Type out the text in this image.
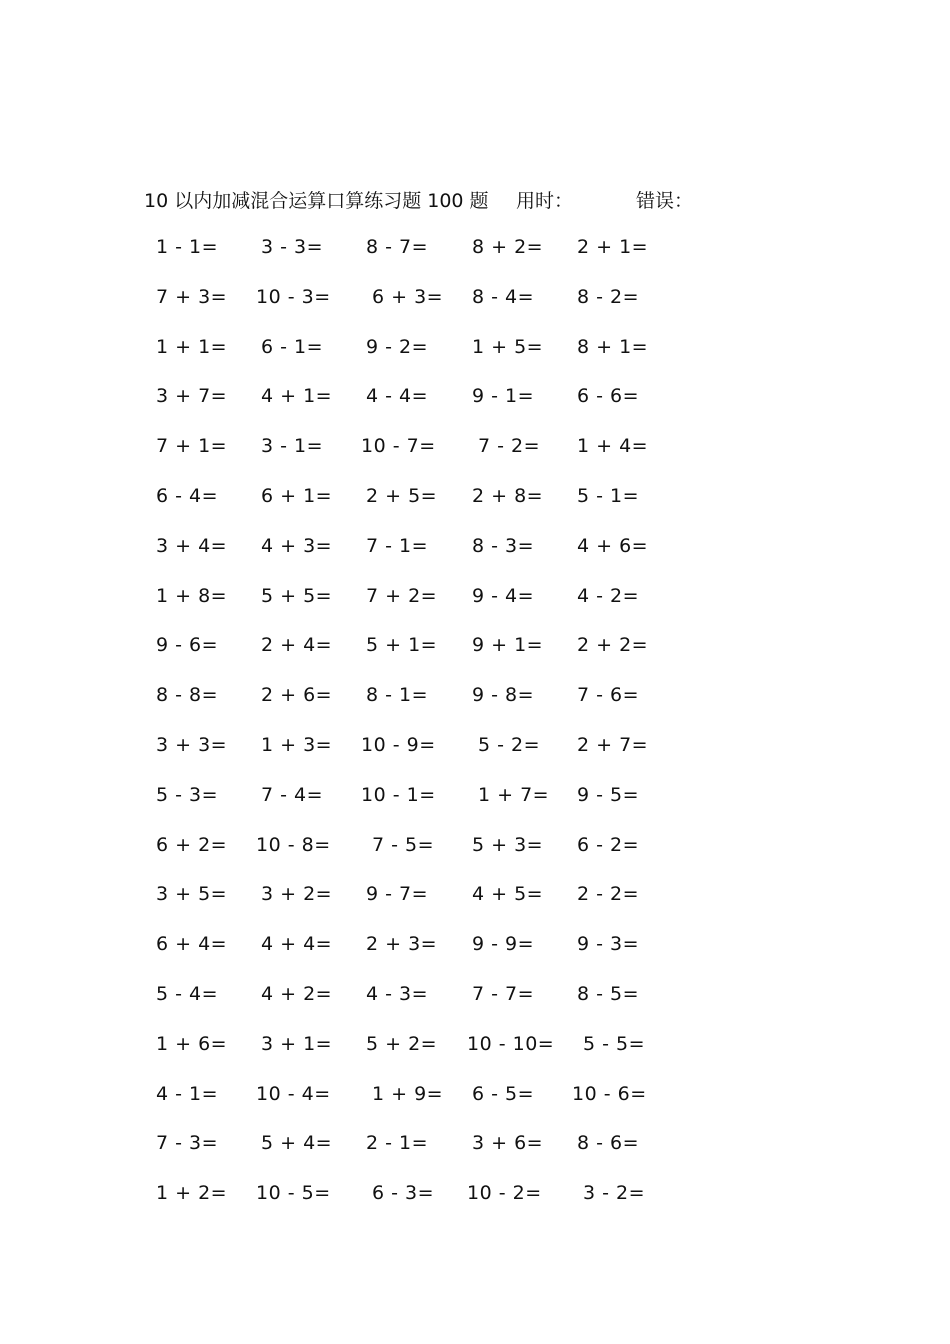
10 以内加减混合运算口算练习题 100 题 用时：	错误：
1 - 1= 3 - 3= 8 - 7= 8 + 2= 2 + 1=
7 + 3= 10 - 3= 6 + 3= 8 - 4= 8 - 2=
1 + 1= 6 - 1= 9 - 2= 1 + 5= 8 + 1=
3 + 7= 4 + 1= 4 - 4= 9 - 1= 6 - 6=
7 + 1= 3 - 1= 10 - 7= 7 - 2= 1 + 4=
6 - 4= 6 + 1= 2 + 5= 2 + 8= 5 - 1=
3 + 4= 4 + 3= 7 - 1= 8 - 3= 4 + 6=
1 + 8= 5 + 5= 7 + 2= 9 - 4= 4 - 2=
9 - 6= 2 + 4= 5 + 1= 9 + 1= 2 + 2=
8 - 8= 2 + 6= 8 - 1= 9 - 8= 7 - 6=
3 + 3= 1 + 3= 10 - 9= 5 - 2= 2 + 7=
5 - 3= 7 - 4= 10 - 1= 1 + 7= 9 - 5=
6 + 2= 10 - 8= 7 - 5= 5 + 3= 6 - 2=
3 + 5= 3 + 2= 9 - 7= 4 + 5= 2 - 2=
6 + 4= 4 + 4= 2 + 3= 9 - 9= 9 - 3=
5 - 4= 4 + 2= 4 - 3= 7 - 7= 8 - 5=
1 + 6= 3 + 1= 5 + 2= 10 - 10= 5 - 5=
4 - 1= 10 - 4= 1 + 9= 6 - 5= 10 - 6=
7 - 3= 5 + 4= 2 - 1= 3 + 6= 8 - 6=
1 + 2= 10 - 5= 6 - 3= 10 - 2= 3 - 2=
